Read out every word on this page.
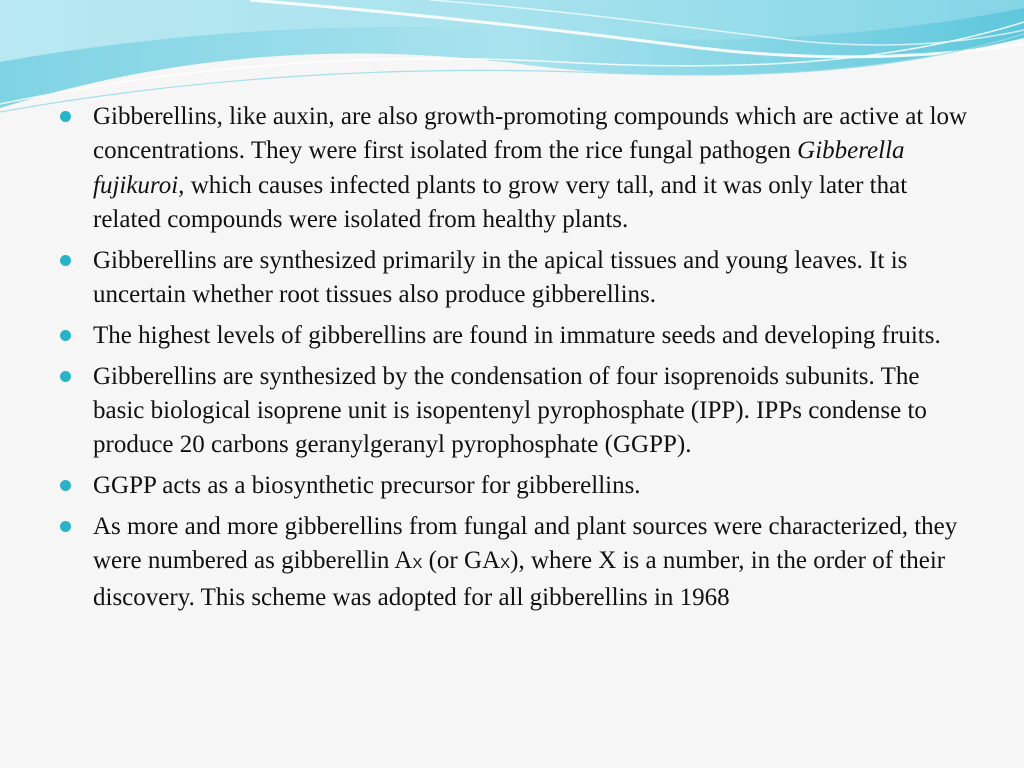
Gibberellins, like auxin, are also growth-promoting compounds which are active at low concentrations. They were first isolated from the rice fungal pathogen Gibberella fujikuroi, which causes infected plants to grow very tall, and it was only later that related compounds were isolated from healthy plants.
Gibberellins are synthesized primarily in the apical tissues and young leaves. It is uncertain whether root tissues also produce gibberellins.
The highest levels of gibberellins are found in immature seeds and developing fruits.
Gibberellins are synthesized by the condensation of four isoprenoids subunits. The basic biological isoprene unit is isopentenyl pyrophosphate (IPP). IPPs condense to produce 20 carbons geranylgeranyl pyrophosphate (GGPP).
GGPP acts as a biosynthetic precursor for gibberellins.
As more and more gibberellins from fungal and plant sources were characterized, they were numbered as gibberellin AX (or GAX), where X is a number, in the order of their discovery. This scheme was adopted for all gibberellins in 1968
